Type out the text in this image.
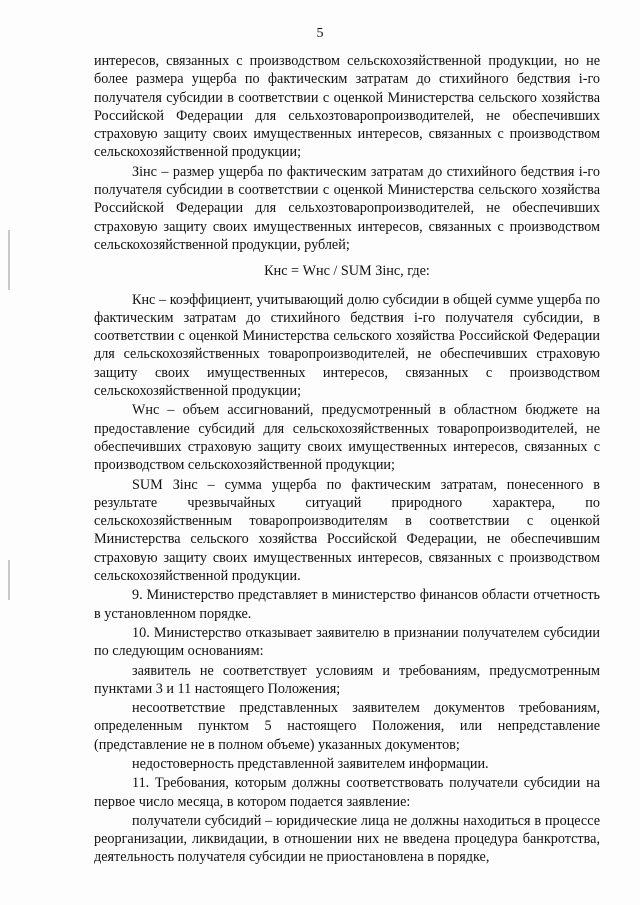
5

интересов, связанных с производством сельскохозяйственной продукции, но не более размера ущерба по фактическим затратам до стихийного бедствия i-го получателя субсидии в соответствии с оценкой Министерства сельского хозяйства Российской Федерации для сельхозтоваропроизводителей, не обеспечивших страховую защиту своих имущественных интересов, связанных с производством сельскохозяйственной продукции;

Зiнс – размер ущерба по фактическим затратам до стихийного бедствия i-го получателя субсидии в соответствии с оценкой Министерства сельского хозяйства Российской Федерации для сельхозтоваропроизводителей, не обеспечивших страховую защиту своих имущественных интересов, связанных с производством сельскохозяйственной продукции, рублей;

Кнс = Wнс / SUM Зiнс, где:

Кнс – коэффициент, учитывающий долю субсидии в общей сумме ущерба по фактическим затратам до стихийного бедствия i-го получателя субсидии, в соответствии с оценкой Министерства сельского хозяйства Российской Федерации для сельскохозяйственных товаропроизводителей, не обеспечивших страховую защиту своих имущественных интересов, связанных с производством сельскохозяйственной продукции;

Wнс – объем ассигнований, предусмотренный в областном бюджете на предоставление субсидий для сельскохозяйственных товаропроизводителей, не обеспечивших страховую защиту своих имущественных интересов, связанных с производством сельскохозяйственной продукции;

SUM Зiнс – сумма ущерба по фактическим затратам, понесенного в результате чрезвычайных ситуаций природного характера, по сельскохозяйственным товаропроизводителям в соответствии с оценкой Министерства сельского хозяйства Российской Федерации, не обеспечившим страховую защиту своих имущественных интересов, связанных с производством сельскохозяйственной продукции.

9. Министерство представляет в министерство финансов области отчетность в установленном порядке.

10. Министерство отказывает заявителю в признании получателем субсидии по следующим основаниям:

заявитель не соответствует условиям и требованиям, предусмотренным пунктами 3 и 11 настоящего Положения;

несоответствие представленных заявителем документов требованиям, определенным пунктом 5 настоящего Положения, или непредставление (представление не в полном объеме) указанных документов;

недостоверность представленной заявителем информации.

11. Требования, которым должны соответствовать получатели субсидии на первое число месяца, в котором подается заявление:

получатели субсидий – юридические лица не должны находиться в процессе реорганизации, ликвидации, в отношении них не введена процедура банкротства, деятельность получателя субсидии не приостановлена в порядке,
